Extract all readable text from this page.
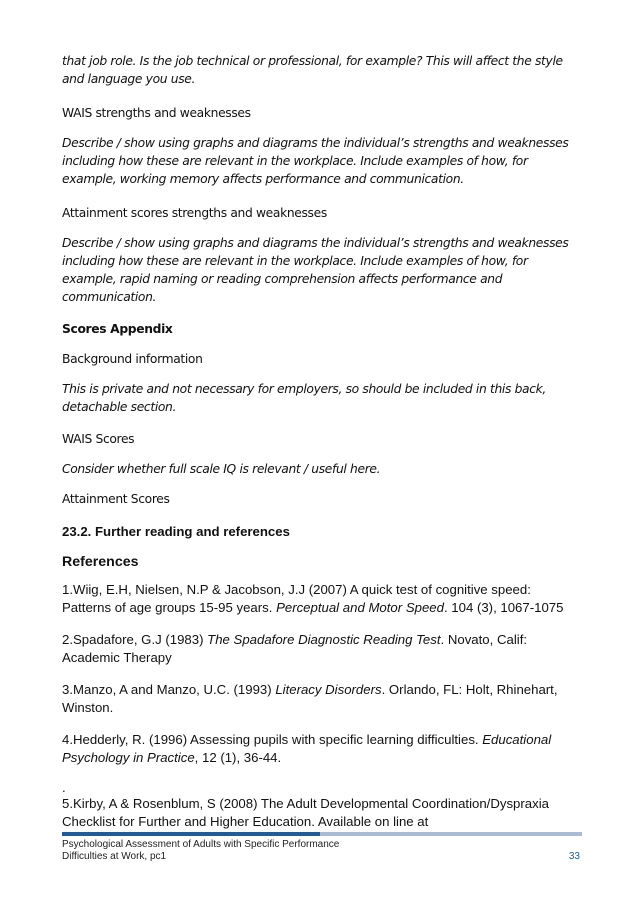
that job role. Is the job technical or professional, for example? This will affect the style and language you use.

WAIS strengths and weaknesses

Describe / show using graphs and diagrams the individual’s strengths and weaknesses including how these are relevant in the workplace. Include examples of how, for example, working memory affects performance and communication.

Attainment scores strengths and weaknesses

Describe / show using graphs and diagrams the individual’s strengths and weaknesses including how these are relevant in the workplace. Include examples of how, for example, rapid naming or reading comprehension affects performance and communication.

Scores Appendix

Background information

This is private and not necessary for employers, so should be included in this back, detachable section.

WAIS Scores

Consider whether full scale IQ is relevant / useful here.

Attainment Scores

23.2. Further reading and references

References

1.Wiig, E.H, Nielsen, N.P & Jacobson, J.J (2007) A quick test of cognitive speed: Patterns of age groups 15-95 years. Perceptual and Motor Speed. 104 (3), 1067-1075

2.Spadafore, G.J (1983) The Spadafore Diagnostic Reading Test. Novato, Calif: Academic Therapy

3.Manzo, A and Manzo, U.C. (1993) Literacy Disorders. Orlando, FL: Holt, Rhinehart, Winston.

4.Hedderly, R. (1996) Assessing pupils with specific learning difficulties. Educational Psychology in Practice, 12 (1), 36-44.

.

5.Kirby, A & Rosenblum, S (2008) The Adult Developmental Coordination/Dyspraxia Checklist for Further and Higher Education. Available on line at

Psychological Assessment of Adults with Specific Performance
Difficulties at Work, pc1	33
